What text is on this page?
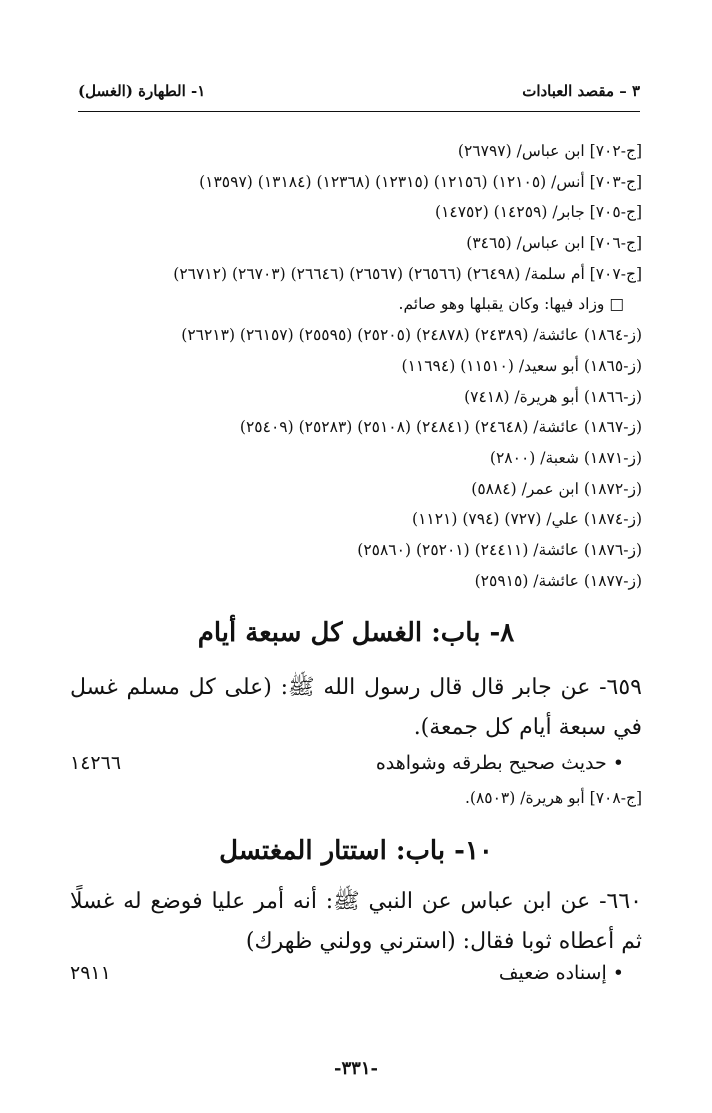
٣ – مقصد العبادات
١- الطهارة (الغسل)
[ج-٧٠٢] ابن عباس/ (٢٦٧٩٧)
[ج-٧٠٣] أنس/ (١٢١٠٥) (١٢١٥٦) (١٢٣١٥) (١٢٣٦٨) (١٣١٨٤) (١٣٥٩٧)
[ج-٧٠٥] جابر/ (١٤٢٥٩) (١٤٧٥٢)
[ج-٧٠٦] ابن عباس/ (٣٤٦٥)
[ج-٧٠٧] أم سلمة/ (٢٦٤٩٨) (٢٦٥٦٦) (٢٦٥٦٧) (٢٦٦٤٦) (٢٦٧٠٣) (٢٦٧١٢)
□ وزاد فيها: وكان يقبلها وهو صائم.
(ز-١٨٦٤) عائشة/ (٢٤٣٨٩) (٢٤٨٧٨) (٢٥٢٠٥) (٢٥٥٩٥) (٢٦١٥٧) (٢٦٢١٣)
(ز-١٨٦٥) أبو سعيد/ (١١٥١٠) (١١٦٩٤)
(ز-١٨٦٦) أبو هريرة/ (٧٤١٨)
(ز-١٨٦٧) عائشة/ (٢٤٦٤٨) (٢٤٨٤١) (٢٥١٠٨) (٢٥٢٨٣) (٢٥٤٠٩)
(ز-١٨٧١) شعبة/ (٢٨٠٠)
(ز-١٨٧٢) ابن عمر/ (٥٨٨٤)
(ز-١٨٧٤) علي/ (٧٢٧) (٧٩٤) (١١٢١)
(ز-١٨٧٦) عائشة/ (٢٤٤١١) (٢٥٢٠١) (٢٥٨٦٠)
(ز-١٨٧٧) عائشة/ (٢٥٩١٥)
٨- باب: الغسل كل سبعة أيام
٦٥٩- عن جابر قال قال رسول الله ﷺ: (على كل مسلم غسل في سبعة أيام كل جمعة).
• حديث صحيح بطرقه وشواهده
١٤٢٦٦
[ج-٧٠٨] أبو هريرة/ (٨٥٠٣).
١٠- باب: استتار المغتسل
٦٦٠- عن ابن عباس عن النبي ﷺ: أنه أمر عليا فوضع له غسلًا ثم أعطاه ثوبا فقال: (استرني وولني ظهرك)
• إسناده ضعيف
٢٩١١
-٣٣١-
